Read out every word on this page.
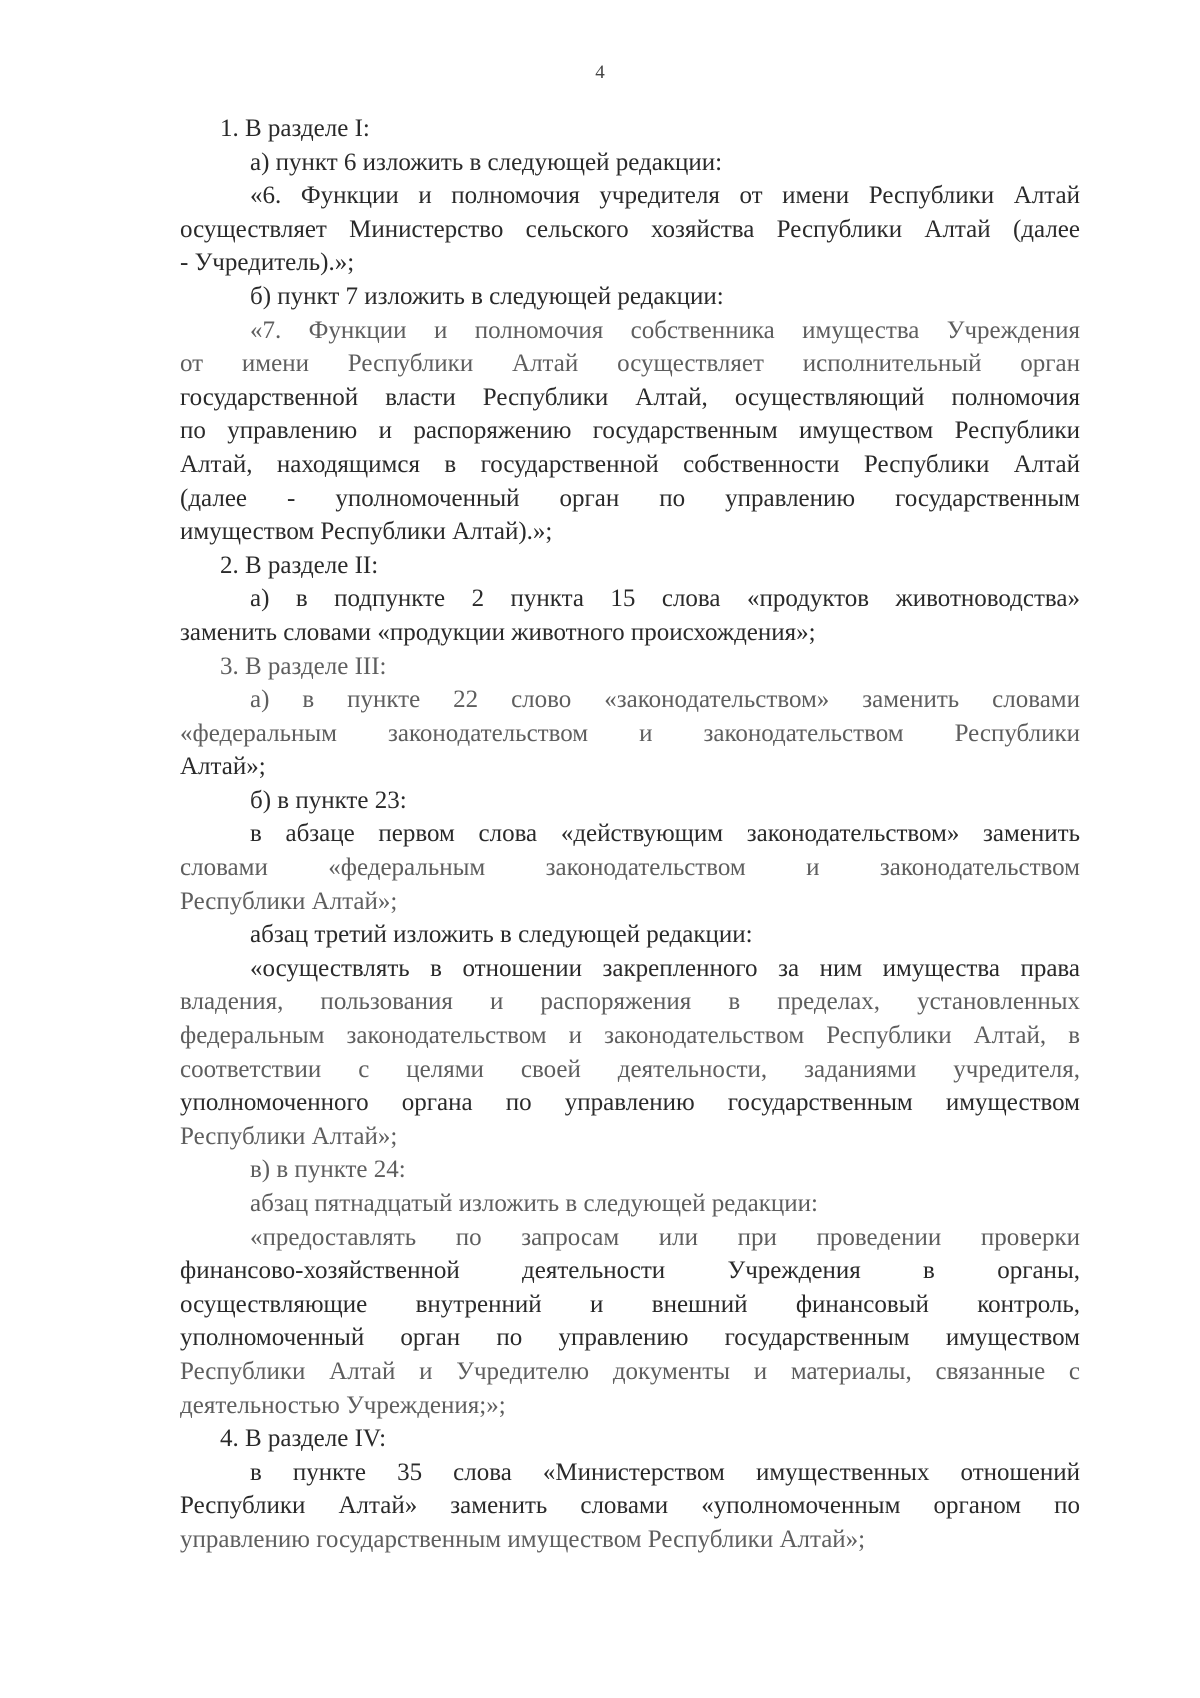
4
1. В разделе I:
а) пункт 6 изложить в следующей редакции:
«6. Функции и полномочия учредителя от имени Республики Алтай
осуществляет Министерство сельского хозяйства Республики Алтай (далее
- Учредитель).»;
б) пункт 7 изложить в следующей редакции:
«7. Функции и полномочия собственника имущества Учреждения
от имени Республики Алтай осуществляет исполнительный орган
государственной власти Республики Алтай, осуществляющий полномочия
по управлению и распоряжению государственным имуществом Республики
Алтай, находящимся в государственной собственности Республики Алтай
(далее - уполномоченный орган по управлению государственным
имуществом Республики Алтай).»;
2. В разделе II:
а) в подпункте 2 пункта 15 слова «продуктов животноводства»
заменить словами «продукции животного происхождения»;
3. В разделе III:
а) в пункте 22 слово «законодательством» заменить словами
«федеральным законодательством и законодательством Республики
Алтай»;
б) в пункте 23:
в абзаце первом слова «действующим законодательством» заменить
словами «федеральным законодательством и законодательством
Республики Алтай»;
абзац третий изложить в следующей редакции:
«осуществлять в отношении закрепленного за ним имущества права
владения, пользования и распоряжения в пределах, установленных
федеральным законодательством и законодательством Республики Алтай, в
соответствии с целями своей деятельности, заданиями учредителя,
уполномоченного органа по управлению государственным имуществом
Республики Алтай»;
в) в пункте 24:
абзац пятнадцатый изложить в следующей редакции:
«предоставлять по запросам или при проведении проверки
финансово-хозяйственной деятельности Учреждения в органы,
осуществляющие внутренний и внешний финансовый контроль,
уполномоченный орган по управлению государственным имуществом
Республики Алтай и Учредителю документы и материалы, связанные с
деятельностью Учреждения;»;
4. В разделе IV:
в пункте 35 слова «Министерством имущественных отношений
Республики Алтай» заменить словами «уполномоченным органом по
управлению государственным имуществом Республики Алтай»;
